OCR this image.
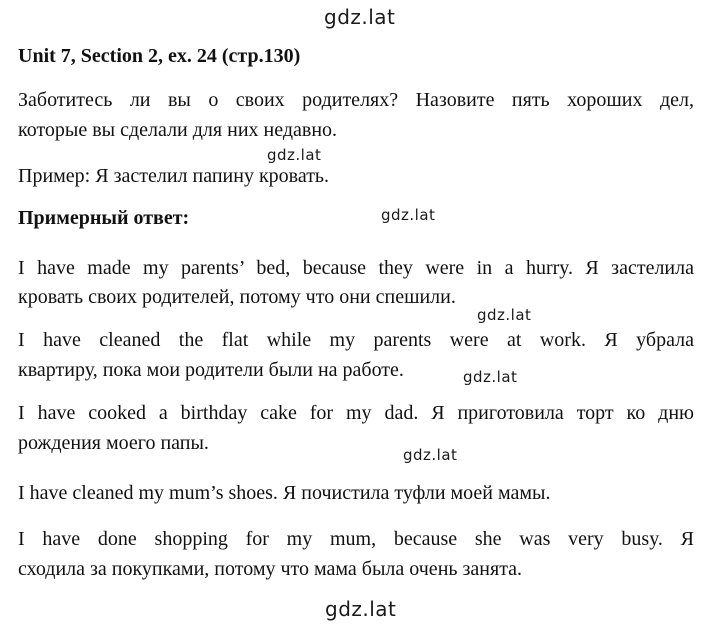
Unit 7, Section 2, ex. 24 (стр.130)
Заботитесь ли вы о своих родителях? Назовите пять хороших дел,
которые вы сделали для них недавно.
Пример: Я застелил папину кровать.
Примерный ответ:
I have made my parents’ bed, because they were in a hurry. Я застелила
кровать своих родителей, потому что они спешили.
I have cleaned the flat while my parents were at work. Я убрала
квартиру, пока мои родители были на работе.
I have cooked a birthday cake for my dad. Я приготовила торт ко дню
рождения моего папы.
I have cleaned my mum’s shoes. Я почистила туфли моей мамы.
I have done shopping for my mum, because she was very busy. Я
сходила за покупками, потому что мама была очень занята.
gdz.lat
gdz.lat
gdz.lat
gdz.lat
gdz.lat
gdz.lat
gdz.lat
